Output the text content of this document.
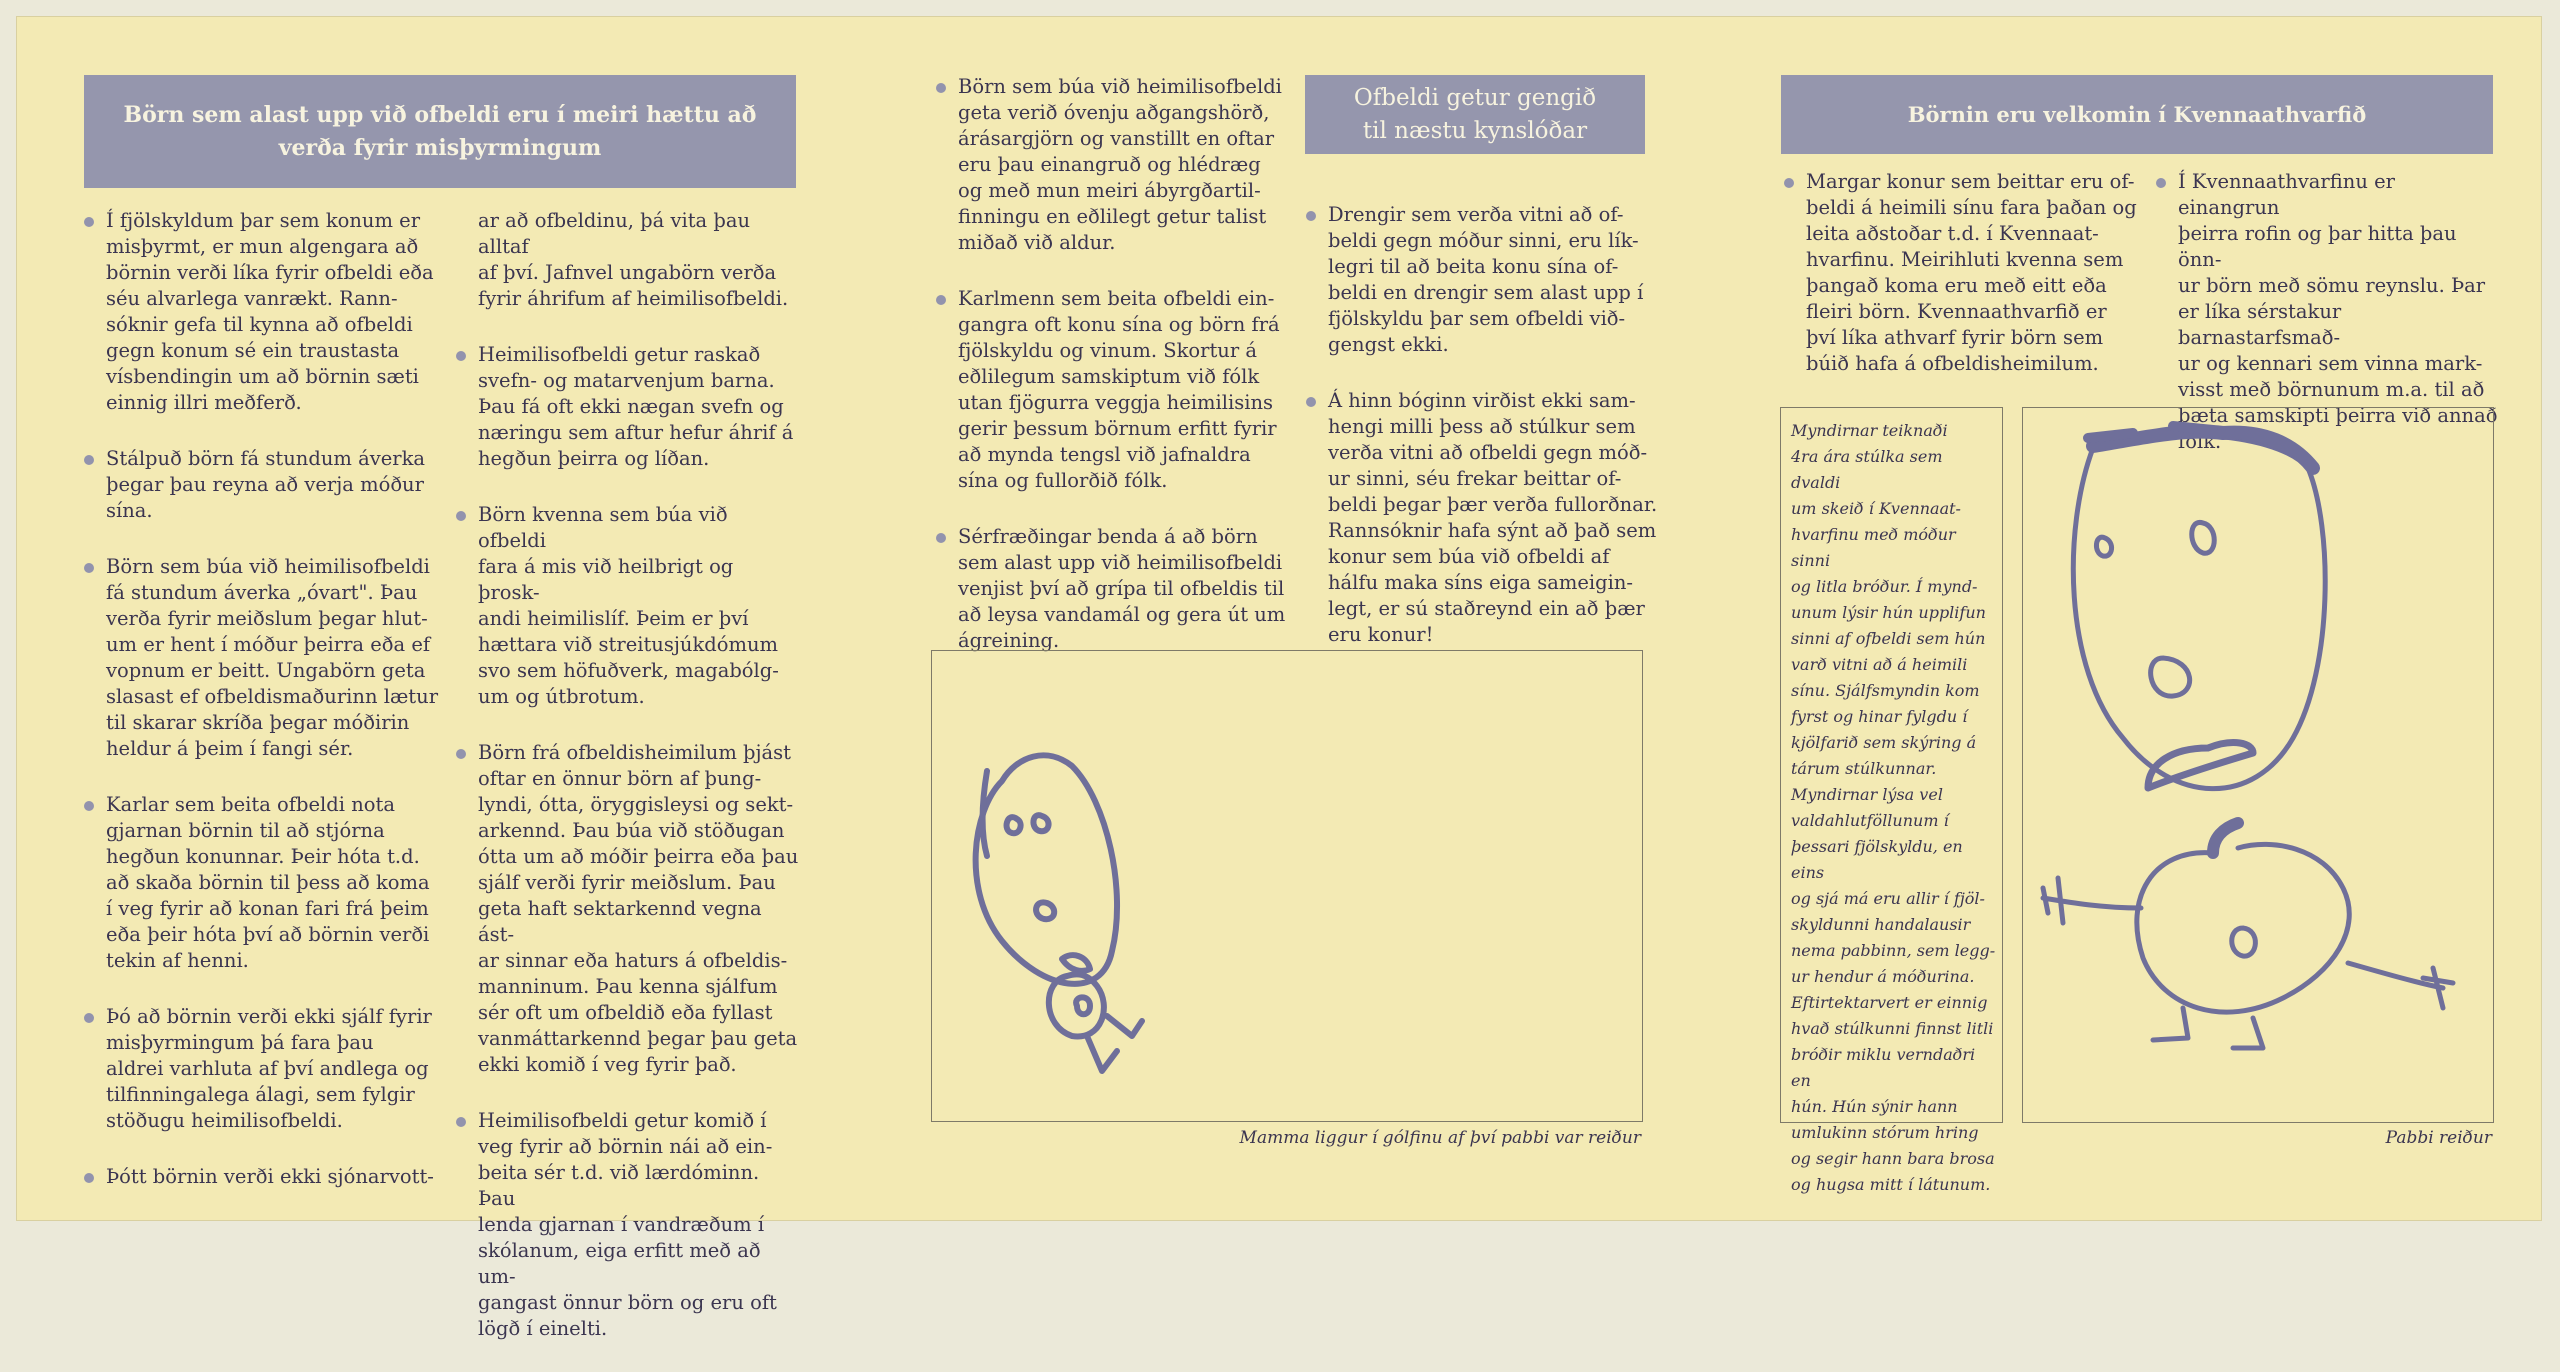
Börn sem alast upp við ofbeldi eru í meiri hættu að
verða fyrir misþyrmingum
Í fjölskyldum þar sem konum er
misþyrmt, er mun algengara að
börnin verði líka fyrir ofbeldi eða
séu alvarlega vanrækt. Rann-
sóknir gefa til kynna að ofbeldi
gegn konum sé ein traustasta
vísbendingin um að börnin sæti
einnig illri meðferð.
Stálpuð börn fá stundum áverka
þegar þau reyna að verja móður
sína.
Börn sem búa við heimilisofbeldi
fá stundum áverka „óvart". Þau
verða fyrir meiðslum þegar hlut-
um er hent í móður þeirra eða ef
vopnum er beitt. Ungabörn geta
slasast ef ofbeldismaðurinn lætur
til skarar skríða þegar móðirin
heldur á þeim í fangi sér.
Karlar sem beita ofbeldi nota
gjarnan börnin til að stjórna
hegðun konunnar. Þeir hóta t.d.
að skaða börnin til þess að koma
í veg fyrir að konan fari frá þeim
eða þeir hóta því að börnin verði
tekin af henni.
Þó að börnin verði ekki sjálf fyrir
misþyrmingum þá fara þau
aldrei varhluta af því andlega og
tilfinningalega álagi, sem fylgir
stöðugu heimilisofbeldi.
Þótt börnin verði ekki sjónarvott-

ar að ofbeldinu, þá vita þau alltaf
af því. Jafnvel ungabörn verða
fyrir áhrifum af heimilisofbeldi.

Heimilisofbeldi getur raskað
svefn- og matarvenjum barna.
Þau fá oft ekki nægan svefn og
næringu sem aftur hefur áhrif á
hegðun þeirra og líðan.
Börn kvenna sem búa við ofbeldi
fara á mis við heilbrigt og þrosk-
andi heimilislíf. Þeim er því
hættara við streitusjúkdómum
svo sem höfuðverk, magabólg-
um og útbrotum.
Börn frá ofbeldisheimilum þjást
oftar en önnur börn af þung-
lyndi, ótta, öryggisleysi og sekt-
arkennd. Þau búa við stöðugan
ótta um að móðir þeirra eða þau
sjálf verði fyrir meiðslum. Þau
geta haft sektarkennd vegna ást-
ar sinnar eða haturs á ofbeldis-
manninum. Þau kenna sjálfum
sér oft um ofbeldið eða fyllast
vanmáttarkennd þegar þau geta
ekki komið í veg fyrir það.
Heimilisofbeldi getur komið í
veg fyrir að börnin nái að ein-
beita sér t.d. við lærdóminn. Þau
lenda gjarnan í vandræðum í
skólanum, eiga erfitt með að um-
gangast önnur börn og eru oft
lögð í einelti.
Börn sem búa við heimilisofbeldi
geta verið óvenju aðgangshörð,
árásargjörn og vanstillt en oftar
eru þau einangruð og hlédræg
og með mun meiri ábyrgðartil-
finningu en eðlilegt getur talist
miðað við aldur.
Karlmenn sem beita ofbeldi ein-
gangra oft konu sína og börn frá
fjölskyldu og vinum. Skortur á
eðlilegum samskiptum við fólk
utan fjögurra veggja heimilisins
gerir þessum börnum erfitt fyrir
að mynda tengsl við jafnaldra
sína og fullorðið fólk.
Sérfræðingar benda á að börn
sem alast upp við heimilisofbeldi
venjist því að grípa til ofbeldis til
að leysa vandamál og gera út um
ágreining.
Ofbeldi getur gengið
til næstu kynslóðar
Drengir sem verða vitni að of-
beldi gegn móður sinni, eru lík-
legri til að beita konu sína of-
beldi en drengir sem alast upp í
fjölskyldu þar sem ofbeldi við-
gengst ekki.
Á hinn bóginn virðist ekki sam-
hengi milli þess að stúlkur sem
verða vitni að ofbeldi gegn móð-
ur sinni, séu frekar beittar of-
beldi þegar þær verða fullorðnar.
Rannsóknir hafa sýnt að það sem
konur sem búa við ofbeldi af
hálfu maka síns eiga sameigin-
legt, er sú staðreynd ein að þær
eru konur!
Mamma liggur í gólfinu af því pabbi var reiður
Börnin eru velkomin í Kvennaathvarfið
Margar konur sem beittar eru of-
beldi á heimili sínu fara þaðan og
leita aðstoðar t.d. í Kvennaat-
hvarfinu. Meirihluti kvenna sem
þangað koma eru með eitt eða
fleiri börn. Kvennaathvarfið er
því líka athvarf fyrir börn sem
búið hafa á ofbeldisheimilum.
Í Kvennaathvarfinu er einangrun
þeirra rofin og þar hitta þau önn-
ur börn með sömu reynslu. Þar
er líka sérstakur barnastarfsmað-
ur og kennari sem vinna mark-
visst með börnunum m.a. til að
bæta samskipti þeirra við annað
fólk.
Myndirnar teiknaði
4ra ára stúlka sem dvaldi
um skeið í Kvennaat-
hvarfinu með móður sinni
og litla bróður. Í mynd-
unum lýsir hún upplifun
sinni af ofbeldi sem hún
varð vitni að á heimili
sínu. Sjálfsmyndin kom
fyrst og hinar fylgdu í
kjölfarið sem skýring á
tárum stúlkunnar.
Myndirnar lýsa vel
valdahlutföllunum í
þessari fjölskyldu, en eins
og sjá má eru allir í fjöl-
skyldunni handalausir
nema pabbinn, sem legg-
ur hendur á móðurina.
Eftirtektarvert er einnig
hvað stúlkunni finnst litli
bróðir miklu verndaðri en
hún. Hún sýnir hann
umlukinn stórum hring
og segir hann bara brosa
og hugsa mitt í látunum.
Pabbi reiður
